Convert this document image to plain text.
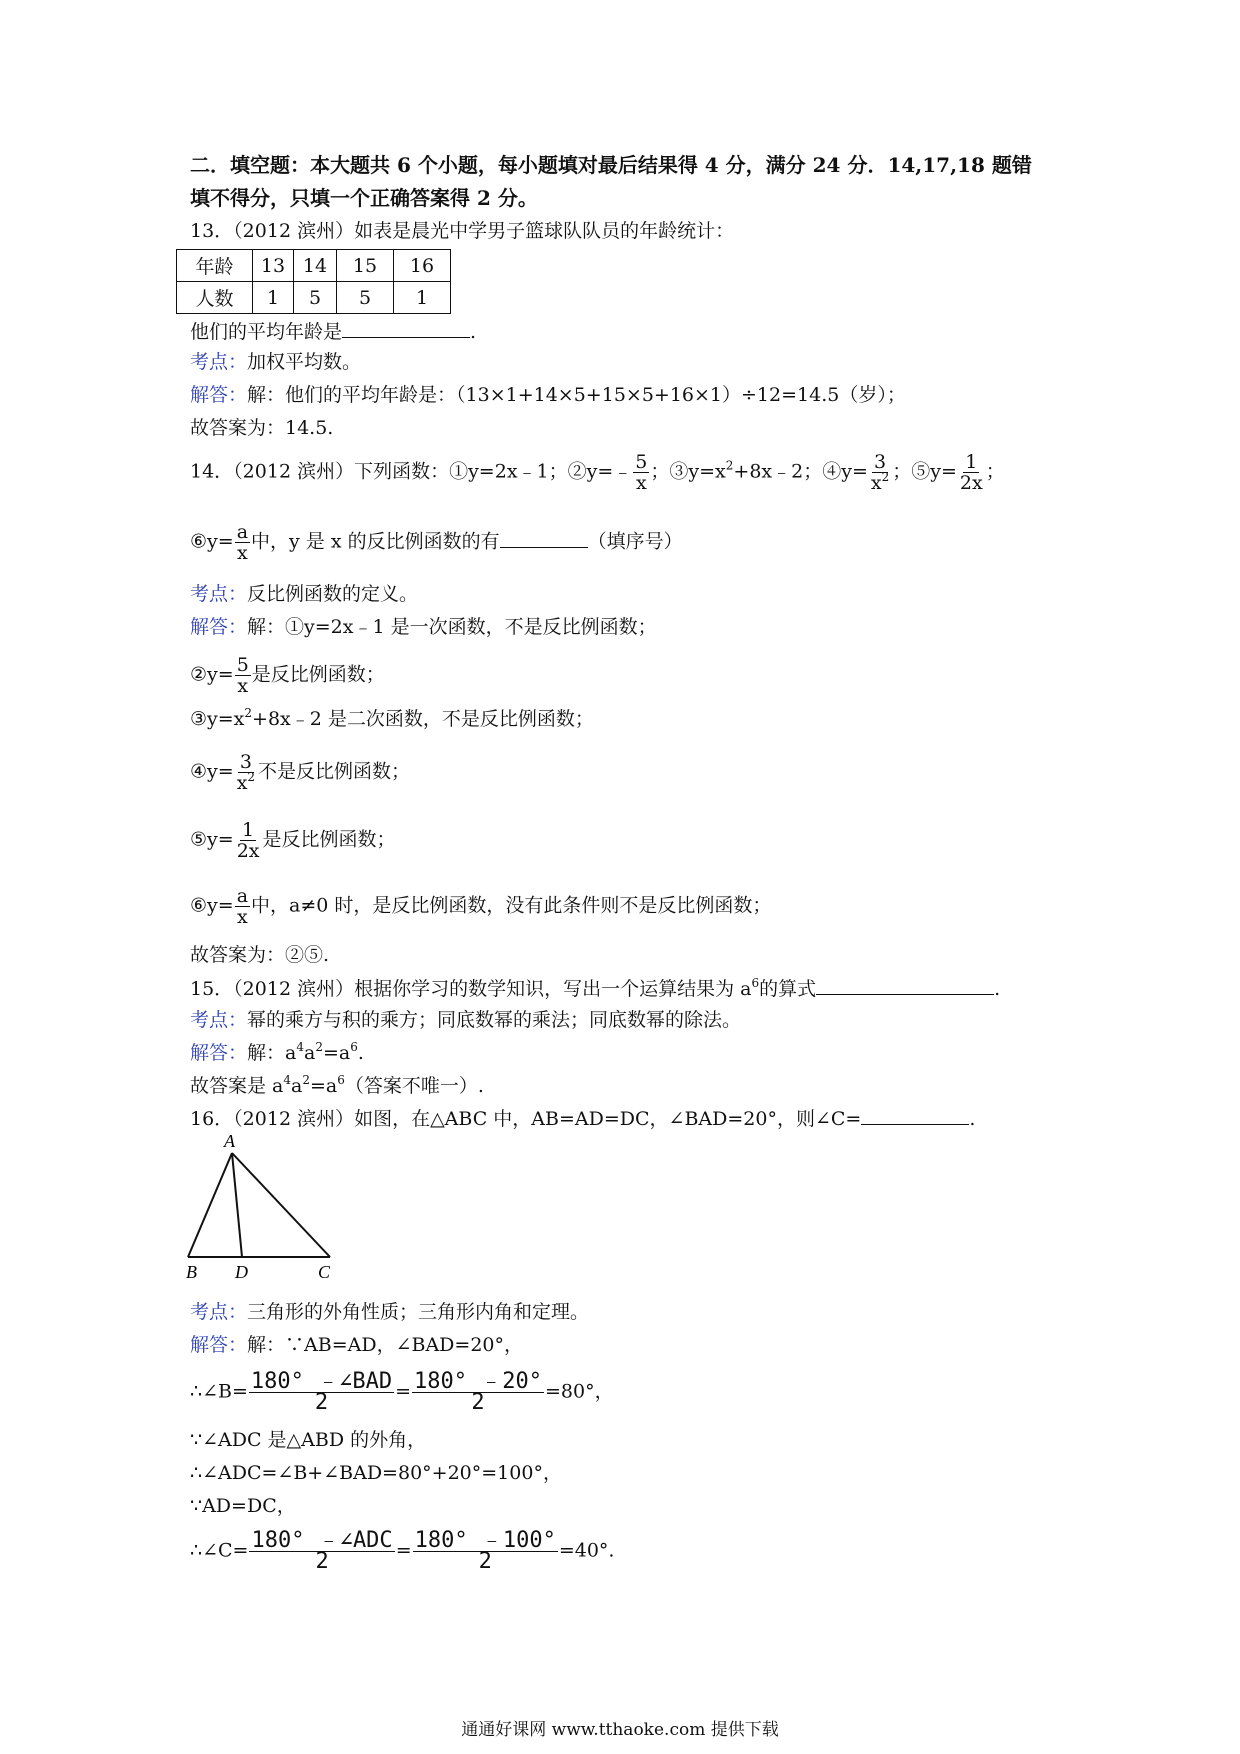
二．填空题：本大题共 6 个小题，每小题填对最后结果得 4 分，满分 24 分．14,17,18 题错
填不得分，只填一个正确答案得 2 分。
13．（2012 滨州）如表是晨光中学男子篮球队队员的年龄统计：
年龄	13	14	15	16
人数	1	5	5	1
他们的平均年龄是	.
考点：加权平均数。
解答：解：他们的平均年龄是：（13×1+14×5+15×5+16×1）÷12=14.5（岁）；
故答案为：14.5.
14．（2012 滨州）下列函数：①y=2x﹣1；②y=﹣ $\frac{5}{x}$ ；$③y=x^2+8x﹣2$；④y= $\frac{3}{x^2}$ ；⑤y= $\frac{1}{2x}$ ；
⑥y= $\frac{a}{x}$ 中，y 是 x 的反比例函数的有	（填序号）
考点：反比例函数的定义。
解答：解：①y=2x﹣1 是一次函数，不是反比例函数；
②y= $\frac{5}{x}$ 是反比例函数；
$③y=x^2+8x﹣2$ 是二次函数，不是反比例函数；
④y= $\frac{3}{x^2}$ 不是反比例函数；
⑤y= $\frac{1}{2x}$ 是反比例函数；
⑥y= $\frac{a}{x}$ 中，a≠0 时，是反比例函数，没有此条件则不是反比例函数；
故答案为：②⑤.
15．（2012 滨州）根据你学习的数学知识，写出一个运算结果为 $a^6$的算式	.
考点：幂的乘方与积的乘方；同底数幂的乘法；同底数幂的除法。
解答：解：$a^4a^2=a^6$.
故答案是 $a^4a^2=a^6$（答案不唯一）.
16．（2012 滨州）如图，在△ABC 中，AB=AD=DC，∠BAD=20°，则∠C=	.
A
B D	C
考点：三角形的外角性质；三角形内角和定理。
解答：解：∵AB=AD，∠BAD=20°，
∴∠B= $\frac{\text{180° ﹣∠BAD}}{2} = \frac{180^\circ ﹣20^\circ}{2} =80^\circ$，
∵∠ADC 是△ABD 的外角，
∴∠ADC=∠B+∠BAD=80°+20°=100°，
∵AD=DC，
∴∠C= $\frac{\text{180° ﹣∠ADC}}{2} = \frac{180^\circ ﹣100^\circ}{2} =40^\circ$.
通通好课网 www.tthaoke.com 提供下载
